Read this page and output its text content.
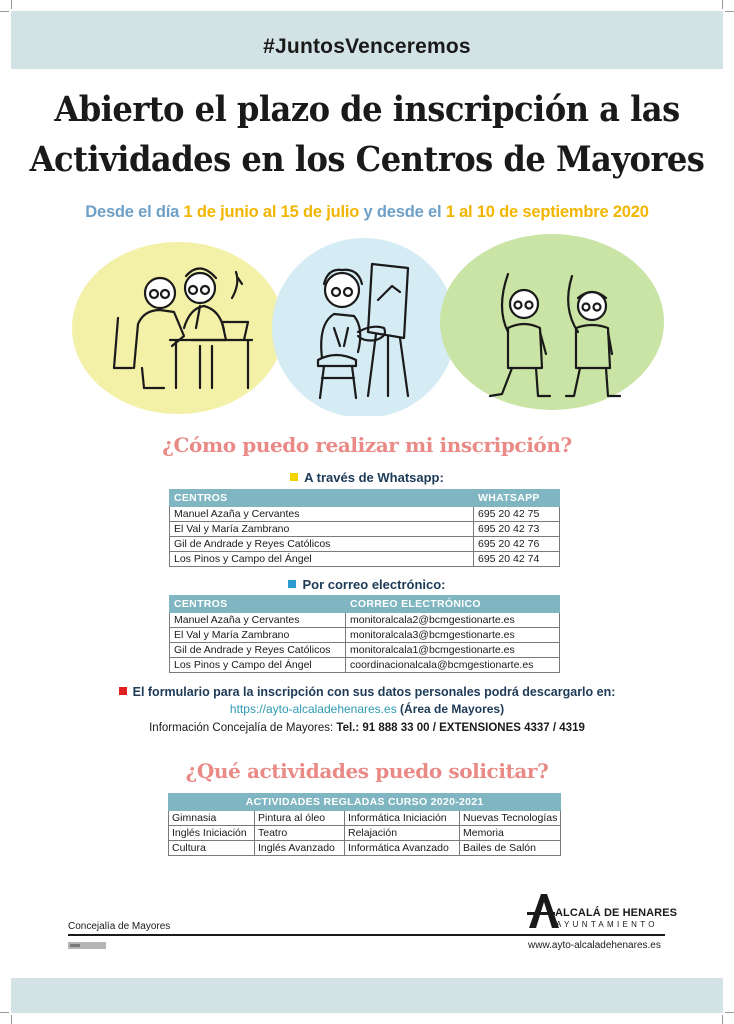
#JuntosVenceremos
Abierto el plazo de inscripción a las
Actividades en los Centros de Mayores
Desde el día 1 de junio al 15 de julio y desde el 1 al 10 de septiembre 2020
¿Cómo puedo realizar mi inscripción?
A través de Whatsapp:
CENTROS	WHATSAPP
Manuel Azaña y Cervantes	695 20 42 75
El Val y María Zambrano	695 20 42 73
Gil de Andrade y Reyes Católicos	695 20 42 76
Los Pinos y Campo del Ángel	695 20 42 74
Por correo electrónico:
CENTROS	CORREO ELECTRÓNICO
Manuel Azaña y Cervantes	monitoralcala2@bcmgestionarte.es
El Val y María Zambrano	monitoralcala3@bcmgestionarte.es
Gil de Andrade y Reyes Católicos	monitoralcala1@bcmgestionarte.es
Los Pinos y Campo del Ángel	coordinacionalcala@bcmgestionarte.es
El formulario para la inscripción con sus datos personales podrá descargarlo en:
https://ayto-alcaladehenares.es (Área de Mayores)
Información Concejalía de Mayores: Tel.: 91 888 33 00 / EXTENSIONES 4337 / 4319
¿Qué actividades puedo solicitar?
ACTIVIDADES REGLADAS CURSO 2020-2021			
Gimnasia	Pintura al óleo	Informática Iniciación	Nuevas Tecnologías
Inglés Iniciación	Teatro	Relajación	Memoria
Cultura	Inglés Avanzado	Informática Avanzado	Bailes de Salón
Concejalía de Mayores
ALCALÁ DE HENARES
AYUNTAMIENTO
www.ayto-alcaladehenares.es
